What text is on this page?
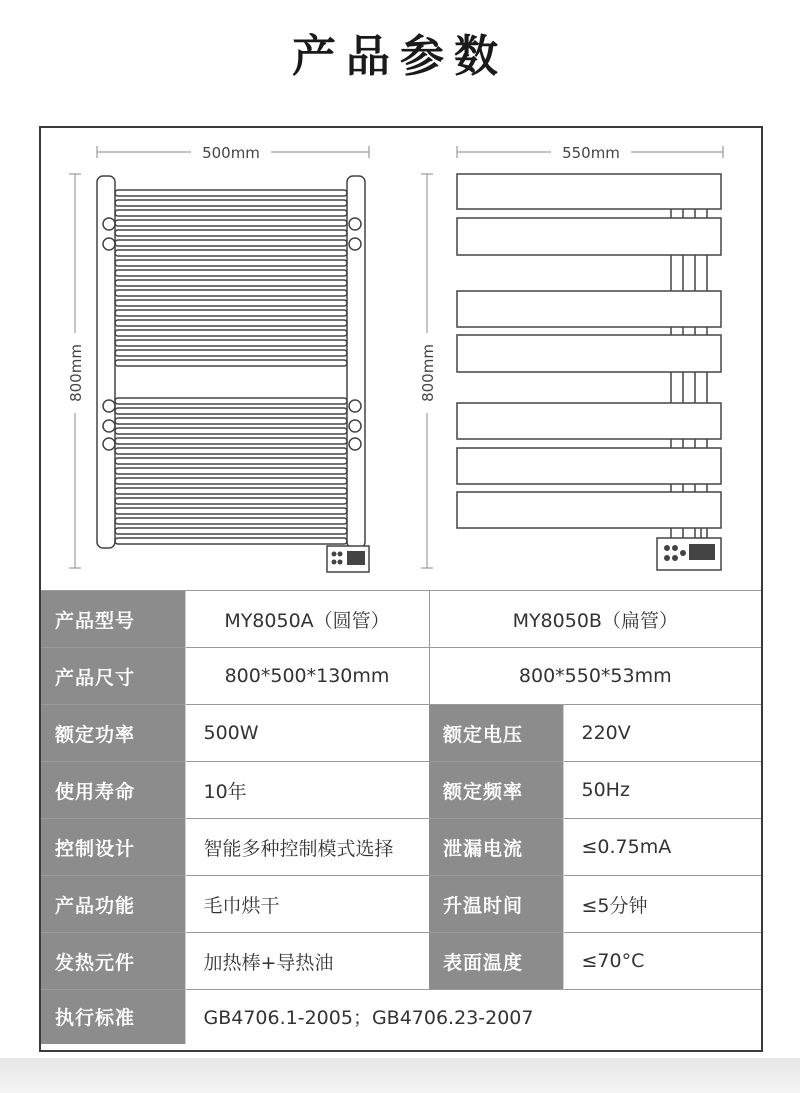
产品参数
500mm
800mm
550mm
800mm
产品型号	MY8050A（圆管）	MY8050B（扁管）	
产品尺寸	800*500*130mm	800*550*53mm	
额定功率	500W	额定电压	220V
使用寿命	10年	额定频率	50Hz
控制设计	智能多种控制模式选择	泄漏电流	≤0.75mA
产品功能	毛巾烘干	升温时间	≤5分钟
发热元件	加热棒+导热油	表面温度	≤70°C
执行标准	GB4706.1-2005；GB4706.23-2007		
